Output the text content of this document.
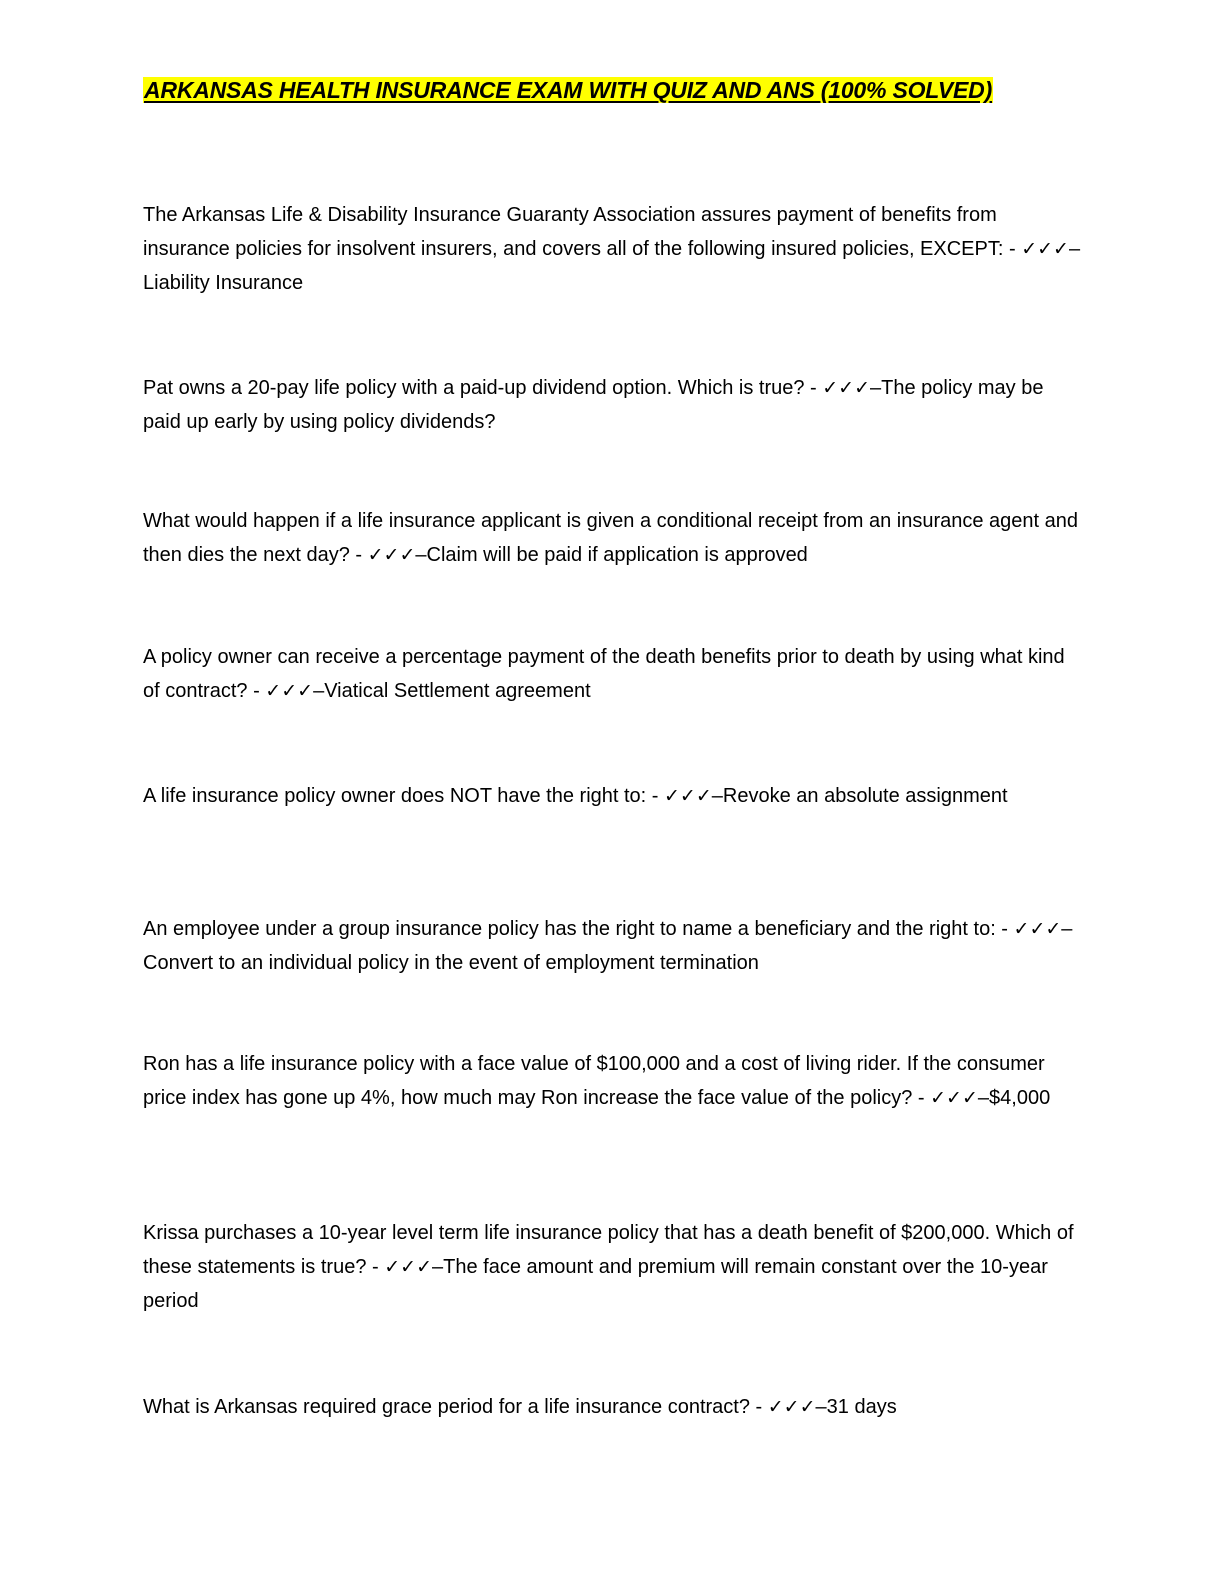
ARKANSAS HEALTH INSURANCE EXAM WITH QUIZ AND ANS (100% SOLVED)

The Arkansas Life & Disability Insurance Guaranty Association assures payment of benefits from insurance policies for insolvent insurers, and covers all of the following insured policies, EXCEPT: - ✓✓✓–Liability Insurance

Pat owns a 20-pay life policy with a paid-up dividend option. Which is true? - ✓✓✓–The policy may be paid up early by using policy dividends?

What would happen if a life insurance applicant is given a conditional receipt from an insurance agent and then dies the next day? - ✓✓✓–Claim will be paid if application is approved

A policy owner can receive a percentage payment of the death benefits prior to death by using what kind of contract? - ✓✓✓–Viatical Settlement agreement

A life insurance policy owner does NOT have the right to: - ✓✓✓–Revoke an absolute assignment

An employee under a group insurance policy has the right to name a beneficiary and the right to: - ✓✓✓–Convert to an individual policy in the event of employment termination

Ron has a life insurance policy with a face value of $100,000 and a cost of living rider. If the consumer price index has gone up 4%, how much may Ron increase the face value of the policy? - ✓✓✓–$4,000

Krissa purchases a 10-year level term life insurance policy that has a death benefit of $200,000. Which of these statements is true? - ✓✓✓–The face amount and premium will remain constant over the 10-year period

What is Arkansas required grace period for a life insurance contract? - ✓✓✓–31 days
